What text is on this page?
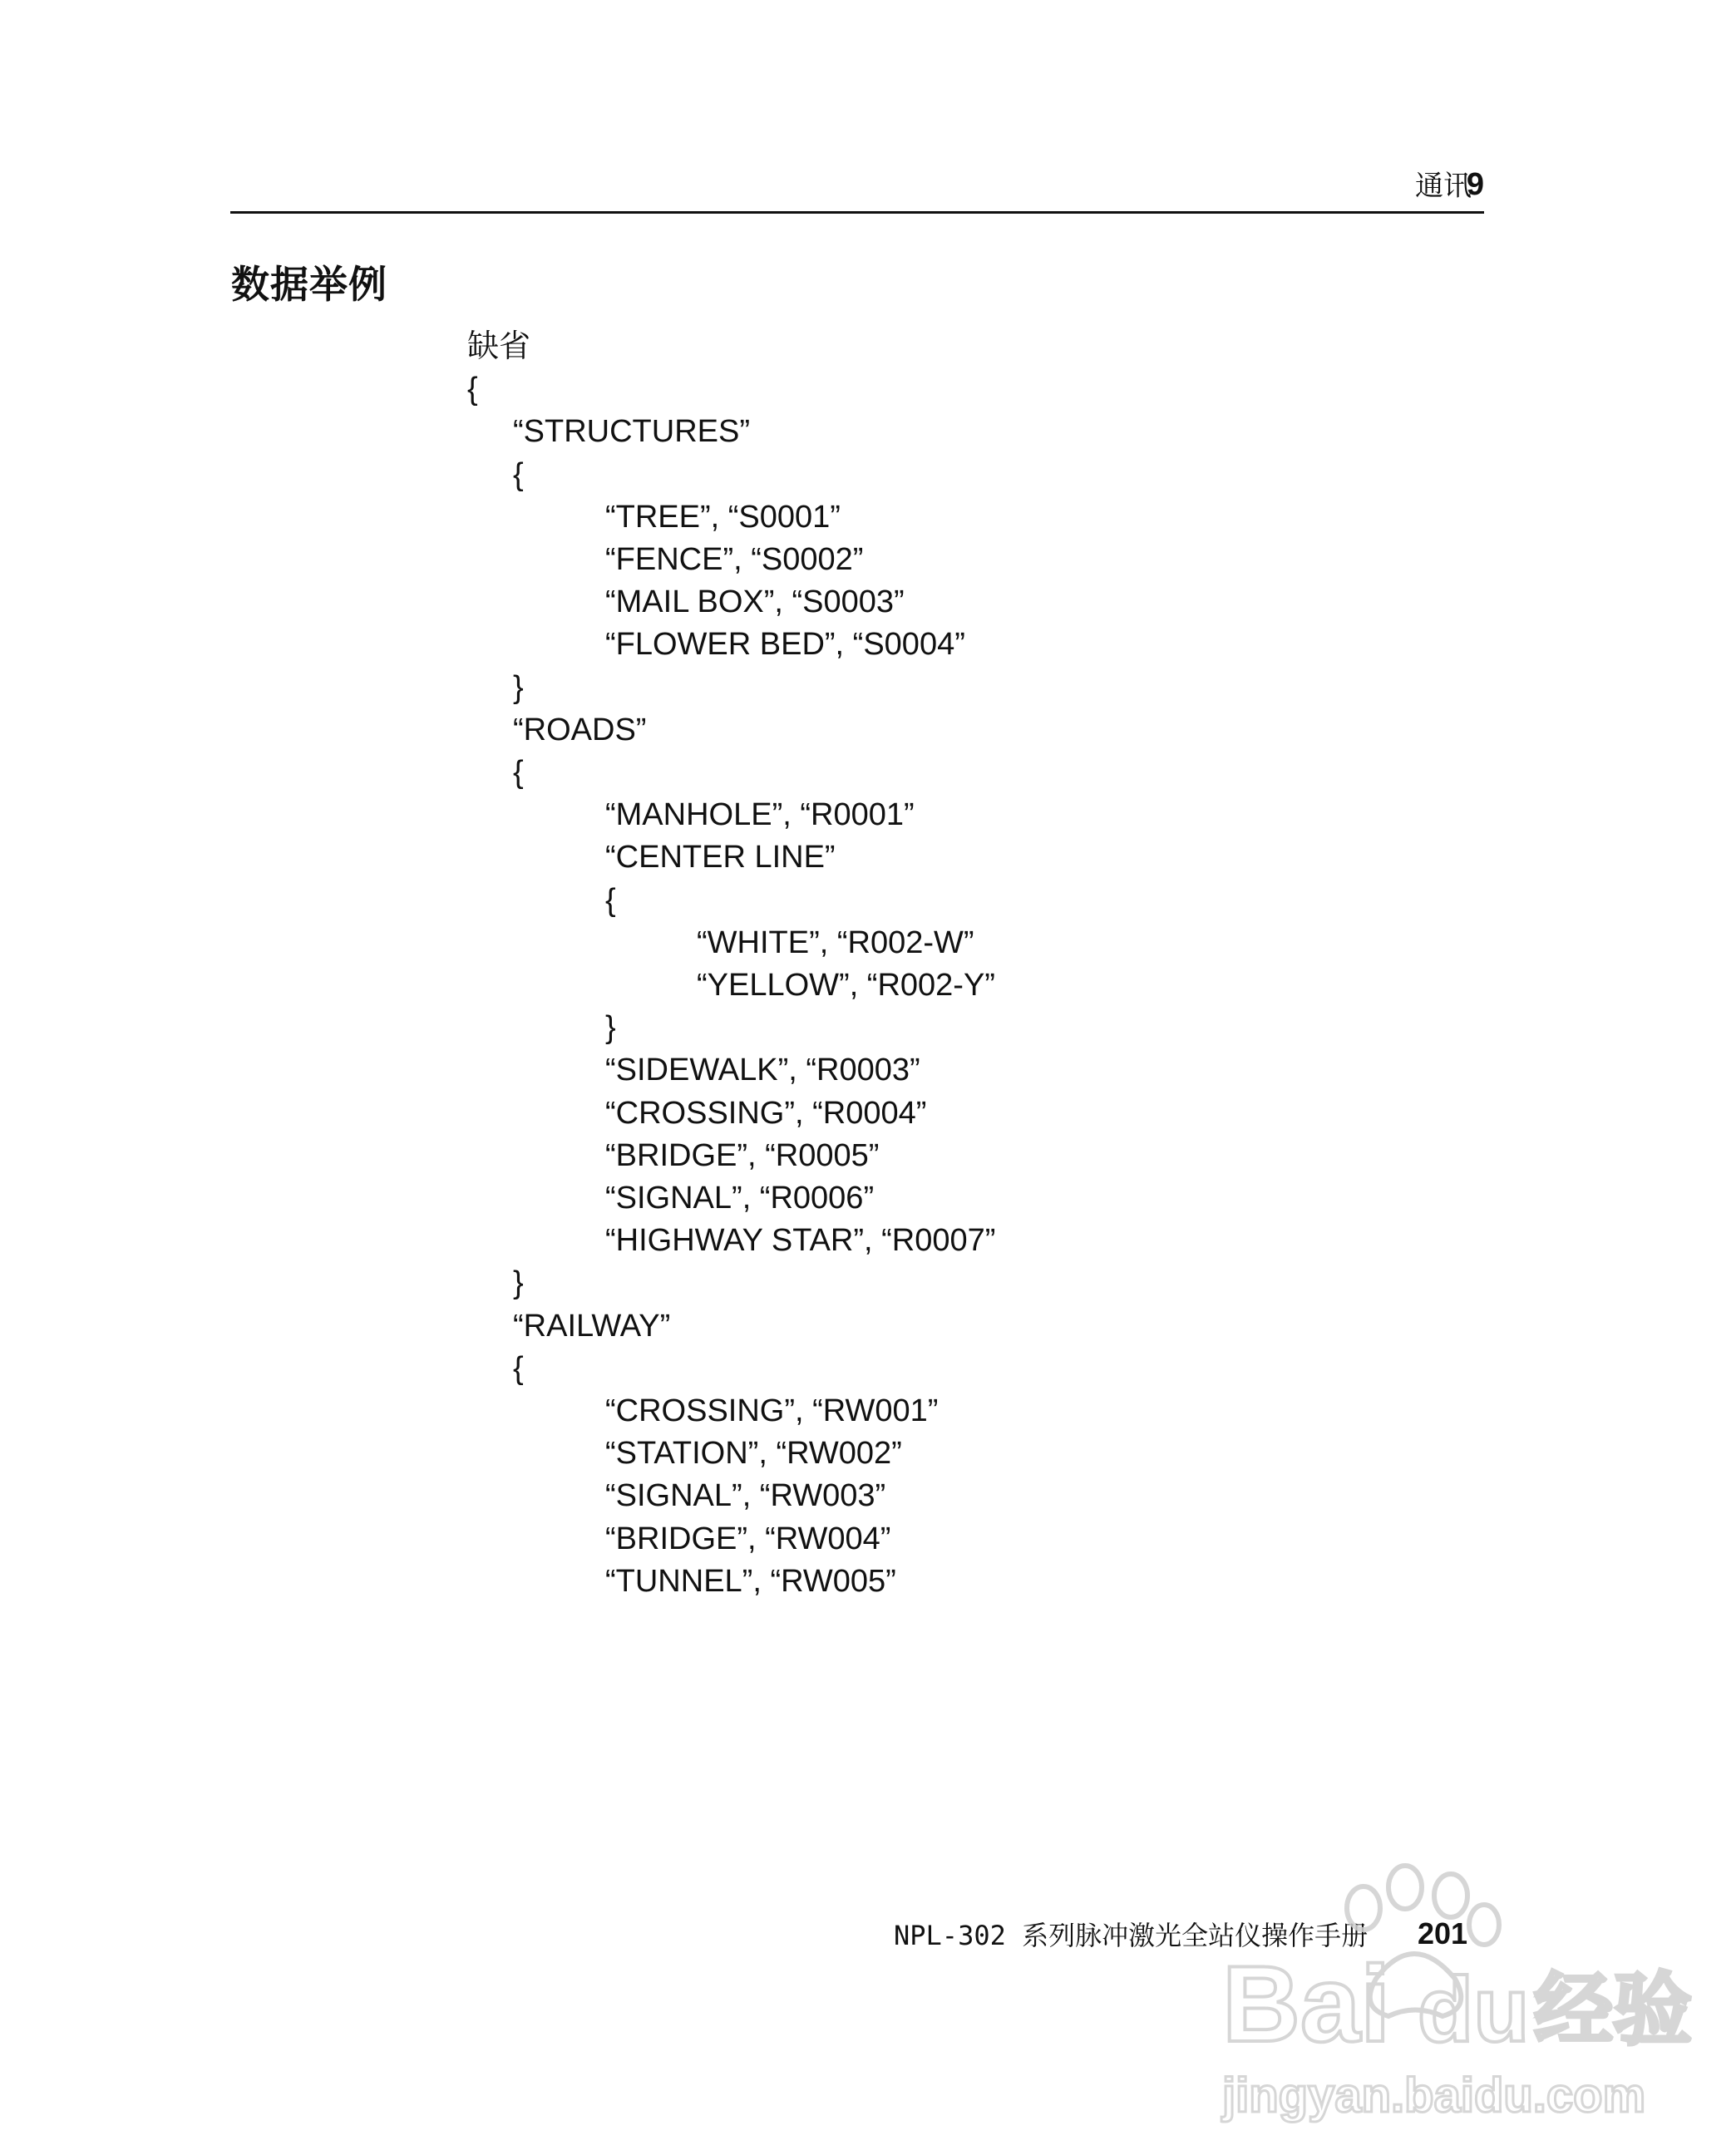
通讯
9
数据举例
缺省
{
“STRUCTURES”
{
“TREE”, “S0001”
“FENCE”, “S0002”
“MAIL BOX”, “S0003”
“FLOWER BED”, “S0004”
}
“ROADS”
{
“MANHOLE”, “R0001”
“CENTER LINE”
{
“WHITE”, “R002-W”
“YELLOW”, “R002-Y”
}
“SIDEWALK”, “R0003”
“CROSSING”, “R0004”
“BRIDGE”, “R0005”
“SIGNAL”, “R0006”
“HIGHWAY STAR”, “R0007”
}
“RAILWAY”
{
“CROSSING”, “RW001”
“STATION”, “RW002”
“SIGNAL”, “RW003”
“BRIDGE”, “RW004”
“TUNNEL”, “RW005”
NPL-302 系列脉冲激光全站仪操作手册 201
Bai du 经验
jingyan.baidu.com
